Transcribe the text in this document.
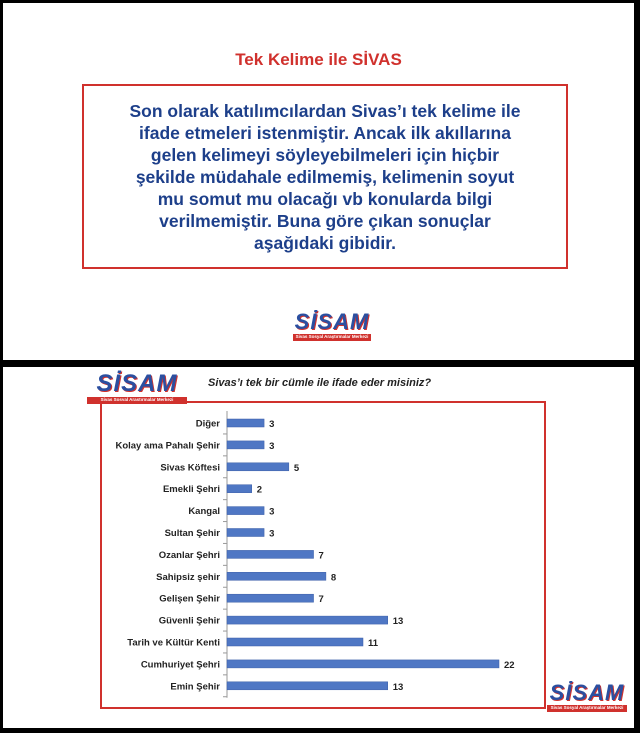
Tek Kelime ile SİVAS
Son olarak katılımcılardan Sivas’ı tek kelime ile
ifade etmeleri istenmiştir. Ancak ilk akıllarına
gelen kelimeyi söyleyebilmeleri için hiçbir
şekilde müdahale edilmemiş, kelimenin soyut
mu somut mu olacağı vb konularda bilgi
verilmemiştir. Buna göre çıkan sonuçlar
aşağıdaki gibidir.
SİSAM
Sivas Sosyal Araştırmalar Merkezi
SİSAM
Sivas Sosyal Araştırmalar Merkezi
Sivas’ı tek bir cümle ile ifade eder misiniz?
Diğer	3
Kolay ama Pahalı Şehir	3
Sivas Köftesi	5
Emekli Şehri	2
Kangal	3
Sultan Şehir	3
Ozanlar Şehri	7
Sahipsiz şehir	8
Gelişen Şehir	7
Güvenli Şehir	13
Tarih ve Kültür Kenti	11
Cumhuriyet Şehri	22
Emin Şehir	13	SİSAM
Sivas Sosyal Araştırmalar Merkezi
